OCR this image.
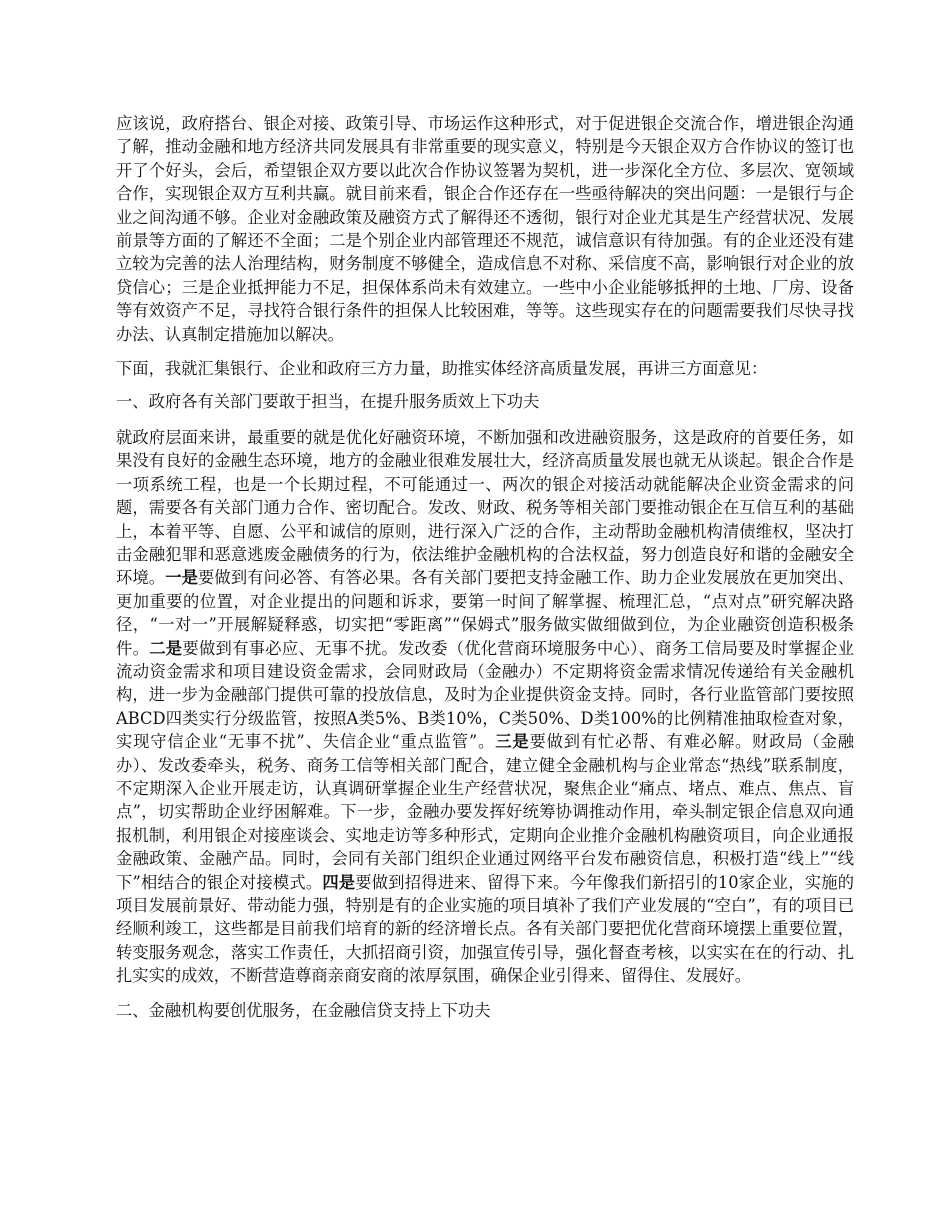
应该说，政府搭台、银企对接、政策引导、市场运作这种形式，对于促进银企交流合作，增进银企沟通了解，推动金融和地方经济共同发展具有非常重要的现实意义，特别是今天银企双方合作协议的签订也开了个好头，会后，希望银企双方要以此次合作协议签署为契机，进一步深化全方位、多层次、宽领域合作，实现银企双方互利共赢。就目前来看，银企合作还存在一些亟待解决的突出问题：一是银行与企业之间沟通不够。企业对金融政策及融资方式了解得还不透彻，银行对企业尤其是生产经营状况、发展前景等方面的了解还不全面；二是个别企业内部管理还不规范，诚信意识有待加强。有的企业还没有建立较为完善的法人治理结构，财务制度不够健全，造成信息不对称、采信度不高，影响银行对企业的放贷信心；三是企业抵押能力不足，担保体系尚未有效建立。一些中小企业能够抵押的土地、厂房、设备等有效资产不足，寻找符合银行条件的担保人比较困难，等等。这些现实存在的问题需要我们尽快寻找办法、认真制定措施加以解决。

下面，我就汇集银行、企业和政府三方力量，助推实体经济高质量发展，再讲三方面意见：

一、政府各有关部门要敢于担当，在提升服务质效上下功夫

就政府层面来讲，最重要的就是优化好融资环境，不断加强和改进融资服务，这是政府的首要任务，如果没有良好的金融生态环境，地方的金融业很难发展壮大，经济高质量发展也就无从谈起。银企合作是一项系统工程，也是一个长期过程，不可能通过一、两次的银企对接活动就能解决企业资金需求的问题，需要各有关部门通力合作、密切配合。发改、财政、税务等相关部门要推动银企在互信互利的基础上，本着平等、自愿、公平和诚信的原则，进行深入广泛的合作，主动帮助金融机构清债维权，坚决打击金融犯罪和恶意逃废金融债务的行为，依法维护金融机构的合法权益，努力创造良好和谐的金融安全环境。一是要做到有问必答、有答必果。各有关部门要把支持金融工作、助力企业发展放在更加突出、更加重要的位置，对企业提出的问题和诉求，要第一时间了解掌握、梳理汇总，“点对点”研究解决路径，“一对一”开展解疑释惑，切实把“零距离”“保姆式”服务做实做细做到位，为企业融资创造积极条件。二是要做到有事必应、无事不扰。发改委（优化营商环境服务中心）、商务工信局要及时掌握企业流动资金需求和项目建设资金需求，会同财政局（金融办）不定期将资金需求情况传递给有关金融机构，进一步为金融部门提供可靠的投放信息，及时为企业提供资金支持。同时，各行业监管部门要按照ABCD四类实行分级监管，按照A类5%、B类10%，C类50%、D类100%的比例精准抽取检查对象，实现守信企业“无事不扰”、失信企业“重点监管”。三是要做到有忙必帮、有难必解。财政局（金融办）、发改委牵头，税务、商务工信等相关部门配合，建立健全金融机构与企业常态“热线”联系制度，不定期深入企业开展走访，认真调研掌握企业生产经营状况，聚焦企业“痛点、堵点、难点、焦点、盲点”，切实帮助企业纾困解难。下一步，金融办要发挥好统筹协调推动作用，牵头制定银企信息双向通报机制，利用银企对接座谈会、实地走访等多种形式，定期向企业推介金融机构融资项目，向企业通报金融政策、金融产品。同时，会同有关部门组织企业通过网络平台发布融资信息，积极打造“线上”“线下”相结合的银企对接模式。四是要做到招得进来、留得下来。今年像我们新招引的10家企业，实施的项目发展前景好、带动能力强，特别是有的企业实施的项目填补了我们产业发展的“空白”，有的项目已经顺利竣工，这些都是目前我们培育的新的经济增长点。各有关部门要把优化营商环境摆上重要位置，转变服务观念，落实工作责任，大抓招商引资，加强宣传引导，强化督查考核，以实实在在的行动、扎扎实实的成效，不断营造尊商亲商安商的浓厚氛围，确保企业引得来、留得住、发展好。

二、金融机构要创优服务，在金融信贷支持上下功夫
